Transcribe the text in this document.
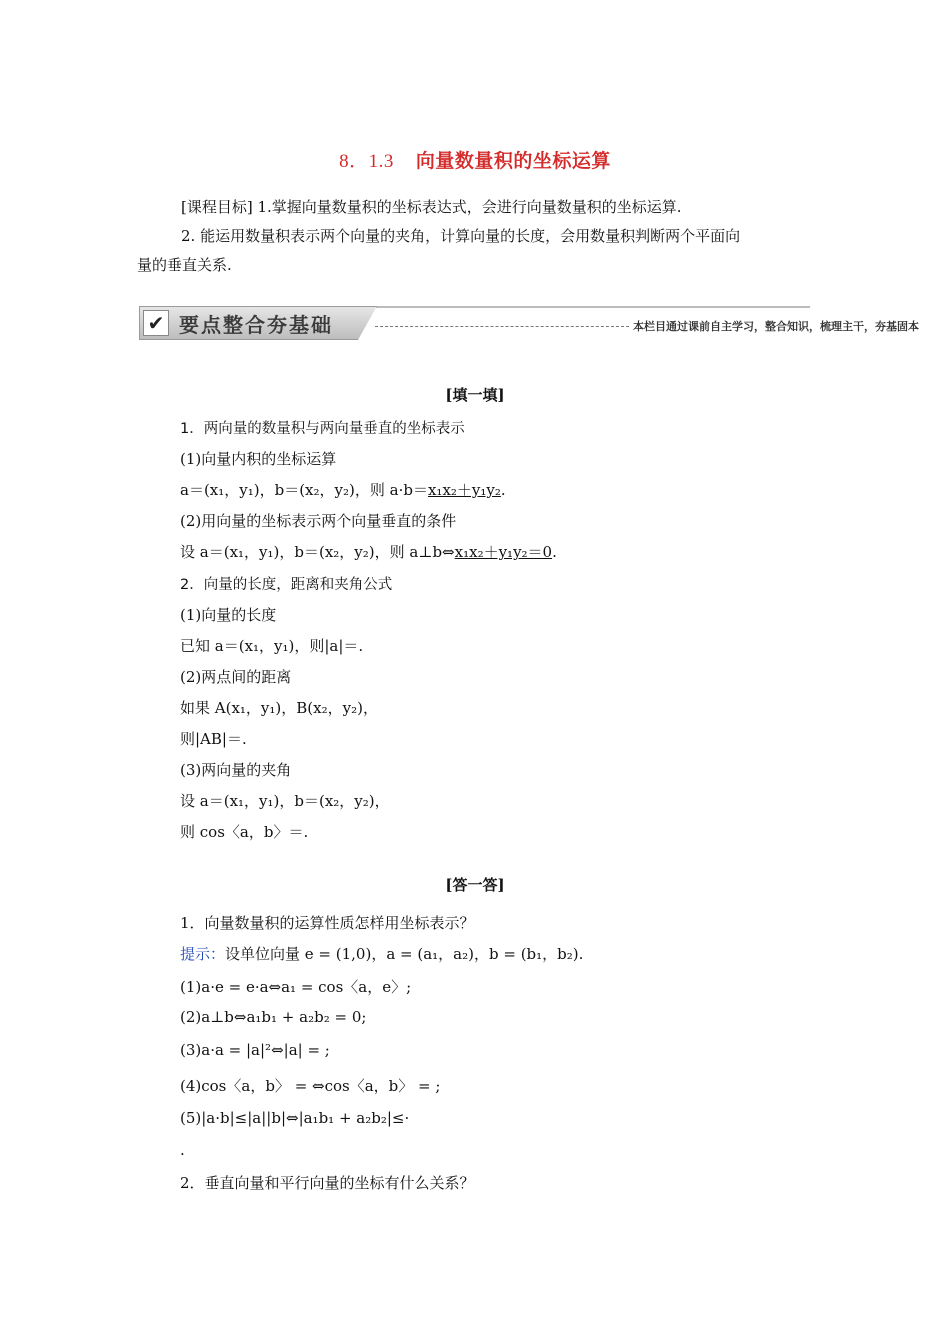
8．1.3 向量数量积的坐标运算
[课程目标] 1.掌握向量数量积的坐标表达式，会进行向量数量积的坐标运算.
2. 能运用数量积表示两个向量的夹角，计算向量的长度，会用数量积判断两个平面向
量的垂直关系.
✔ 要点整合夯基础	本栏目通过课前自主学习，整合知识，梳理主干，夯基固本
[填一填]
1．两向量的数量积与两向量垂直的坐标表示
(1)向量内积的坐标运算
a＝(x₁，y₁)，b＝(x₂，y₂)，则 a·b＝x₁x₂＋y₁y₂.
(2)用向量的坐标表示两个向量垂直的条件
设 a＝(x₁，y₁)，b＝(x₂，y₂)，则 a⊥b⇔x₁x₂＋y₁y₂＝0.
2．向量的长度，距离和夹角公式
(1)向量的长度
已知 a＝(x₁，y₁)，则|a|＝.
(2)两点间的距离
如果 A(x₁，y₁)，B(x₂，y₂)，
则|AB|＝.
(3)两向量的夹角
设 a＝(x₁，y₁)，b＝(x₂，y₂)，
则 cos〈a，b〉＝.
[答一答]
1．向量数量积的运算性质怎样用坐标表示？
提示：设单位向量 e = (1,0)，a = (a₁，a₂)，b = (b₁，b₂).
(1)a·e = e·a⇔a₁ = cos〈a，e〉;
(2)a⊥b⇔a₁b₁ + a₂b₂ = 0;
(3)a·a = |a|²⇔|a| = ;
(4)cos〈a，b〉 = ⇔cos〈a，b〉 = ;
(5)|a·b|≤|a||b|⇔|a₁b₁ + a₂b₂|≤·
.
2．垂直向量和平行向量的坐标有什么关系？
